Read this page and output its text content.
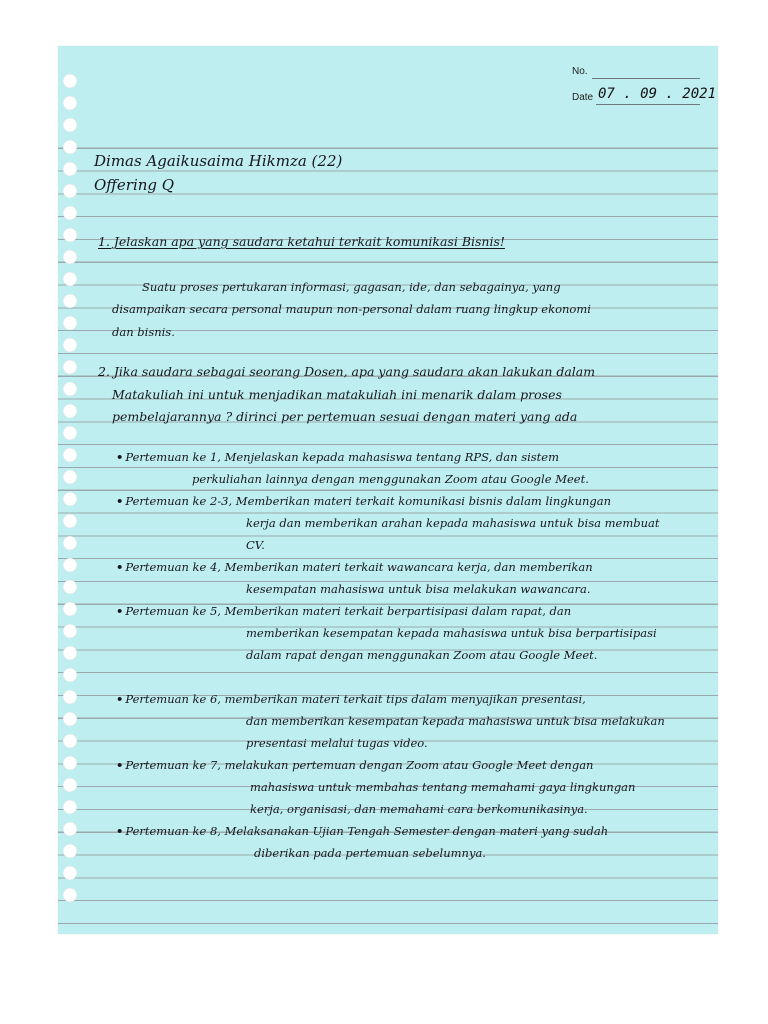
No.
Date 07 . 09 . 2021
Dimas Agaikusaima Hikmza (22)
Offering Q
1. Jelaskan apa yang saudara ketahui terkait komunikasi Bisnis!
Suatu proses pertukaran informasi, gagasan, ide, dan sebagainya, yang
disampaikan secara personal maupun non-personal dalam ruang lingkup ekonomi
dan bisnis.
2. Jika saudara sebagai seorang Dosen, apa yang saudara akan lakukan dalam
Matakuliah ini untuk menjadikan matakuliah ini menarik dalam proses
pembelajarannya ? dirinci per pertemuan sesuai dengan materi yang ada
• Pertemuan ke 1, Menjelaskan kepada mahasiswa tentang RPS, dan sistem
perkuliahan lainnya dengan menggunakan Zoom atau Google Meet.
• Pertemuan ke 2-3, Memberikan materi terkait komunikasi bisnis dalam lingkungan
kerja dan memberikan arahan kepada mahasiswa untuk bisa membuat
CV.
• Pertemuan ke 4, Memberikan materi terkait wawancara kerja, dan memberikan
kesempatan mahasiswa untuk bisa melakukan wawancara.
• Pertemuan ke 5, Memberikan materi terkait berpartisipasi dalam rapat, dan
memberikan kesempatan kepada mahasiswa untuk bisa berpartisipasi
dalam rapat dengan menggunakan Zoom atau Google Meet.
• Pertemuan ke 6, memberikan materi terkait tips dalam menyajikan presentasi,
dan memberikan kesempatan kepada mahasiswa untuk bisa melakukan
presentasi melalui tugas video.
• Pertemuan ke 7, melakukan pertemuan dengan Zoom atau Google Meet dengan
mahasiswa untuk membahas tentang memahami gaya lingkungan
kerja, organisasi, dan memahami cara berkomunikasinya.
• Pertemuan ke 8, Melaksanakan Ujian Tengah Semester dengan materi yang sudah
diberikan pada pertemuan sebelumnya.
